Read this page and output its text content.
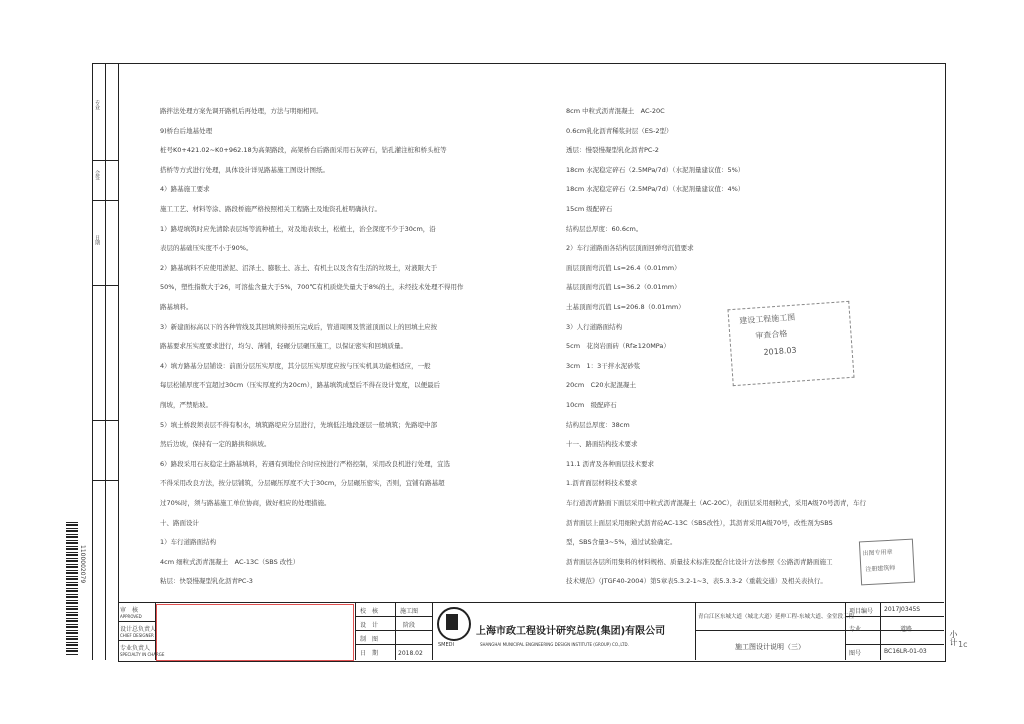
专业
会签
日期
1100002079
路拌法处理方案先调开路机后再处理，方法与明细相同。
9)桥台后地基处理
桩号K0+421.02~K0+962.18为高架路段，高架桥台后路面采用石灰碎石，钻孔灌注桩和桥头桩等
搭桥等方式进行处理，具体设计详见路基施工图设计图纸。
4）路基施工要求
施工工艺、材料等涂、路段桥施严格按照相关工程路土及地资孔桩明确执行。
1）路堤填筑时应先清除表层场等流种植土，对及地表软土，松植土，治全深度不少于30cm，沿
表层的基础压实度不小于90%。
2）路基填料不应使用淤泥、沼泽土、膨胀土、冻土、有机土以及含有生活的垃圾土，对液限大于
50%，塑性指数大于26，可溶盐含量大于5%，700℃有机质烧失量大于8%的土，未经技术处理不得用作
路基填料。
3）新建面标高以下的各种管线及其回填须待预压完成后，管道周围及管道顶面以上的回填土应按
路基要求压实度要求进行，均匀、薄铺，轻碾分层碾压施工，以保证密实和回填质量。
4）填方路基分层铺设：前面分层压实厚度，其分层压实厚度应按与压实机具功能相适应，一般
每层松铺厚度不宜超过30cm（压实厚度约为20cm），路基填筑成型后不得在设计宽度，以便最后
削坡，严禁贴坡。
5）填土桥段须表层不得有积水，填筑路堤应分层进行，先填低洼地段逐层一般填筑；先路堤中部
然后边坡，保持有一定的路拱和纵坡。
6）路段采用石灰稳定土路基填料，若遇有到地位合时应按进行严格控制，采用改良机进行处理，宜选
不得采用改良方法，按分层铺筑，分层碾压厚度不大于30cm，分层碾压密实，否则，宜铺有路基超
过70%时，须与路基施工单位协商，做好相应的处理措施。
十、路面设计
1）车行道路面结构
4cm 细粒式沥青混凝土　AC-13C（SBS 改性）
粘层：快裂慢凝型乳化沥青PC-3
8cm 中粒式沥青混凝土　AC-20C
0.6cm乳化沥青稀浆封层（ES-2型）
透层：慢裂慢凝型乳化沥青PC-2
18cm 水泥稳定碎石（2.5MPa/7d）（水泥剂量建议值：5%）
18cm 水泥稳定碎石（2.5MPa/7d）（水泥剂量建议值：4%）
15cm 级配碎石
结构层总厚度：60.6cm。
2）车行道路面各结构层顶面回弹弯沉值要求
面层顶面弯沉值 Ls=26.4（0.01mm）
基层顶面弯沉值 Ls=36.2（0.01mm）
土基顶面弯沉值 Ls=206.8（0.01mm）
3）人行道路面结构
5cm　花岗岩面砖（Rf≥120MPa）
3cm　1：3干拌水泥砂浆
20cm　C20水泥混凝土
10cm　级配碎石
结构层总厚度：38cm
十一、路面结构技术要求
11.1 沥青及各种面层技术要求
1.沥青面层材料技术要求
车行道沥青路面下面层采用中粒式沥青混凝土（AC-20C），表面层采用细粒式，采用A级70号沥青，车行
沥青面层上面层采用细粒式沥青砼AC-13C（SBS改性），其沥青采用A级70号，改性剂为SBS
型，SBS含量3~5%，通过试验确定。
沥青面层各层所用集料的材料规格、质量技术标准及配合比设计方法参照《公路沥青路面施工
技术规范》（JTGF40-2004）第5章表5.3.2-1~3、表5.3.3-2（重载交通）及相关表执行。
建设工程施工图
审查合格
2018.03
出图专用章
注册建筑师
审　核
APPROVED
设计总负责人
CHIEF DESIGNER
专业负责人
SPECIALTY IN CHARGE
校　核
设　计
制　图
日　期
施工图
阶段
2018.02
SMEDI
上海市政工程设计研究总院(集团)有限公司
SHANGHAI MUNICIPAL ENGINEERING DESIGN INSTITUTE (GROUP) CO.,LTD.
青白江区东城大道（城北大道）延伸工程-东城大道、金堂段工程
施工图设计说明（三）
项目编号
专业
图号
2017J0345S
道路
BC16LR-01-03
小计 1c
